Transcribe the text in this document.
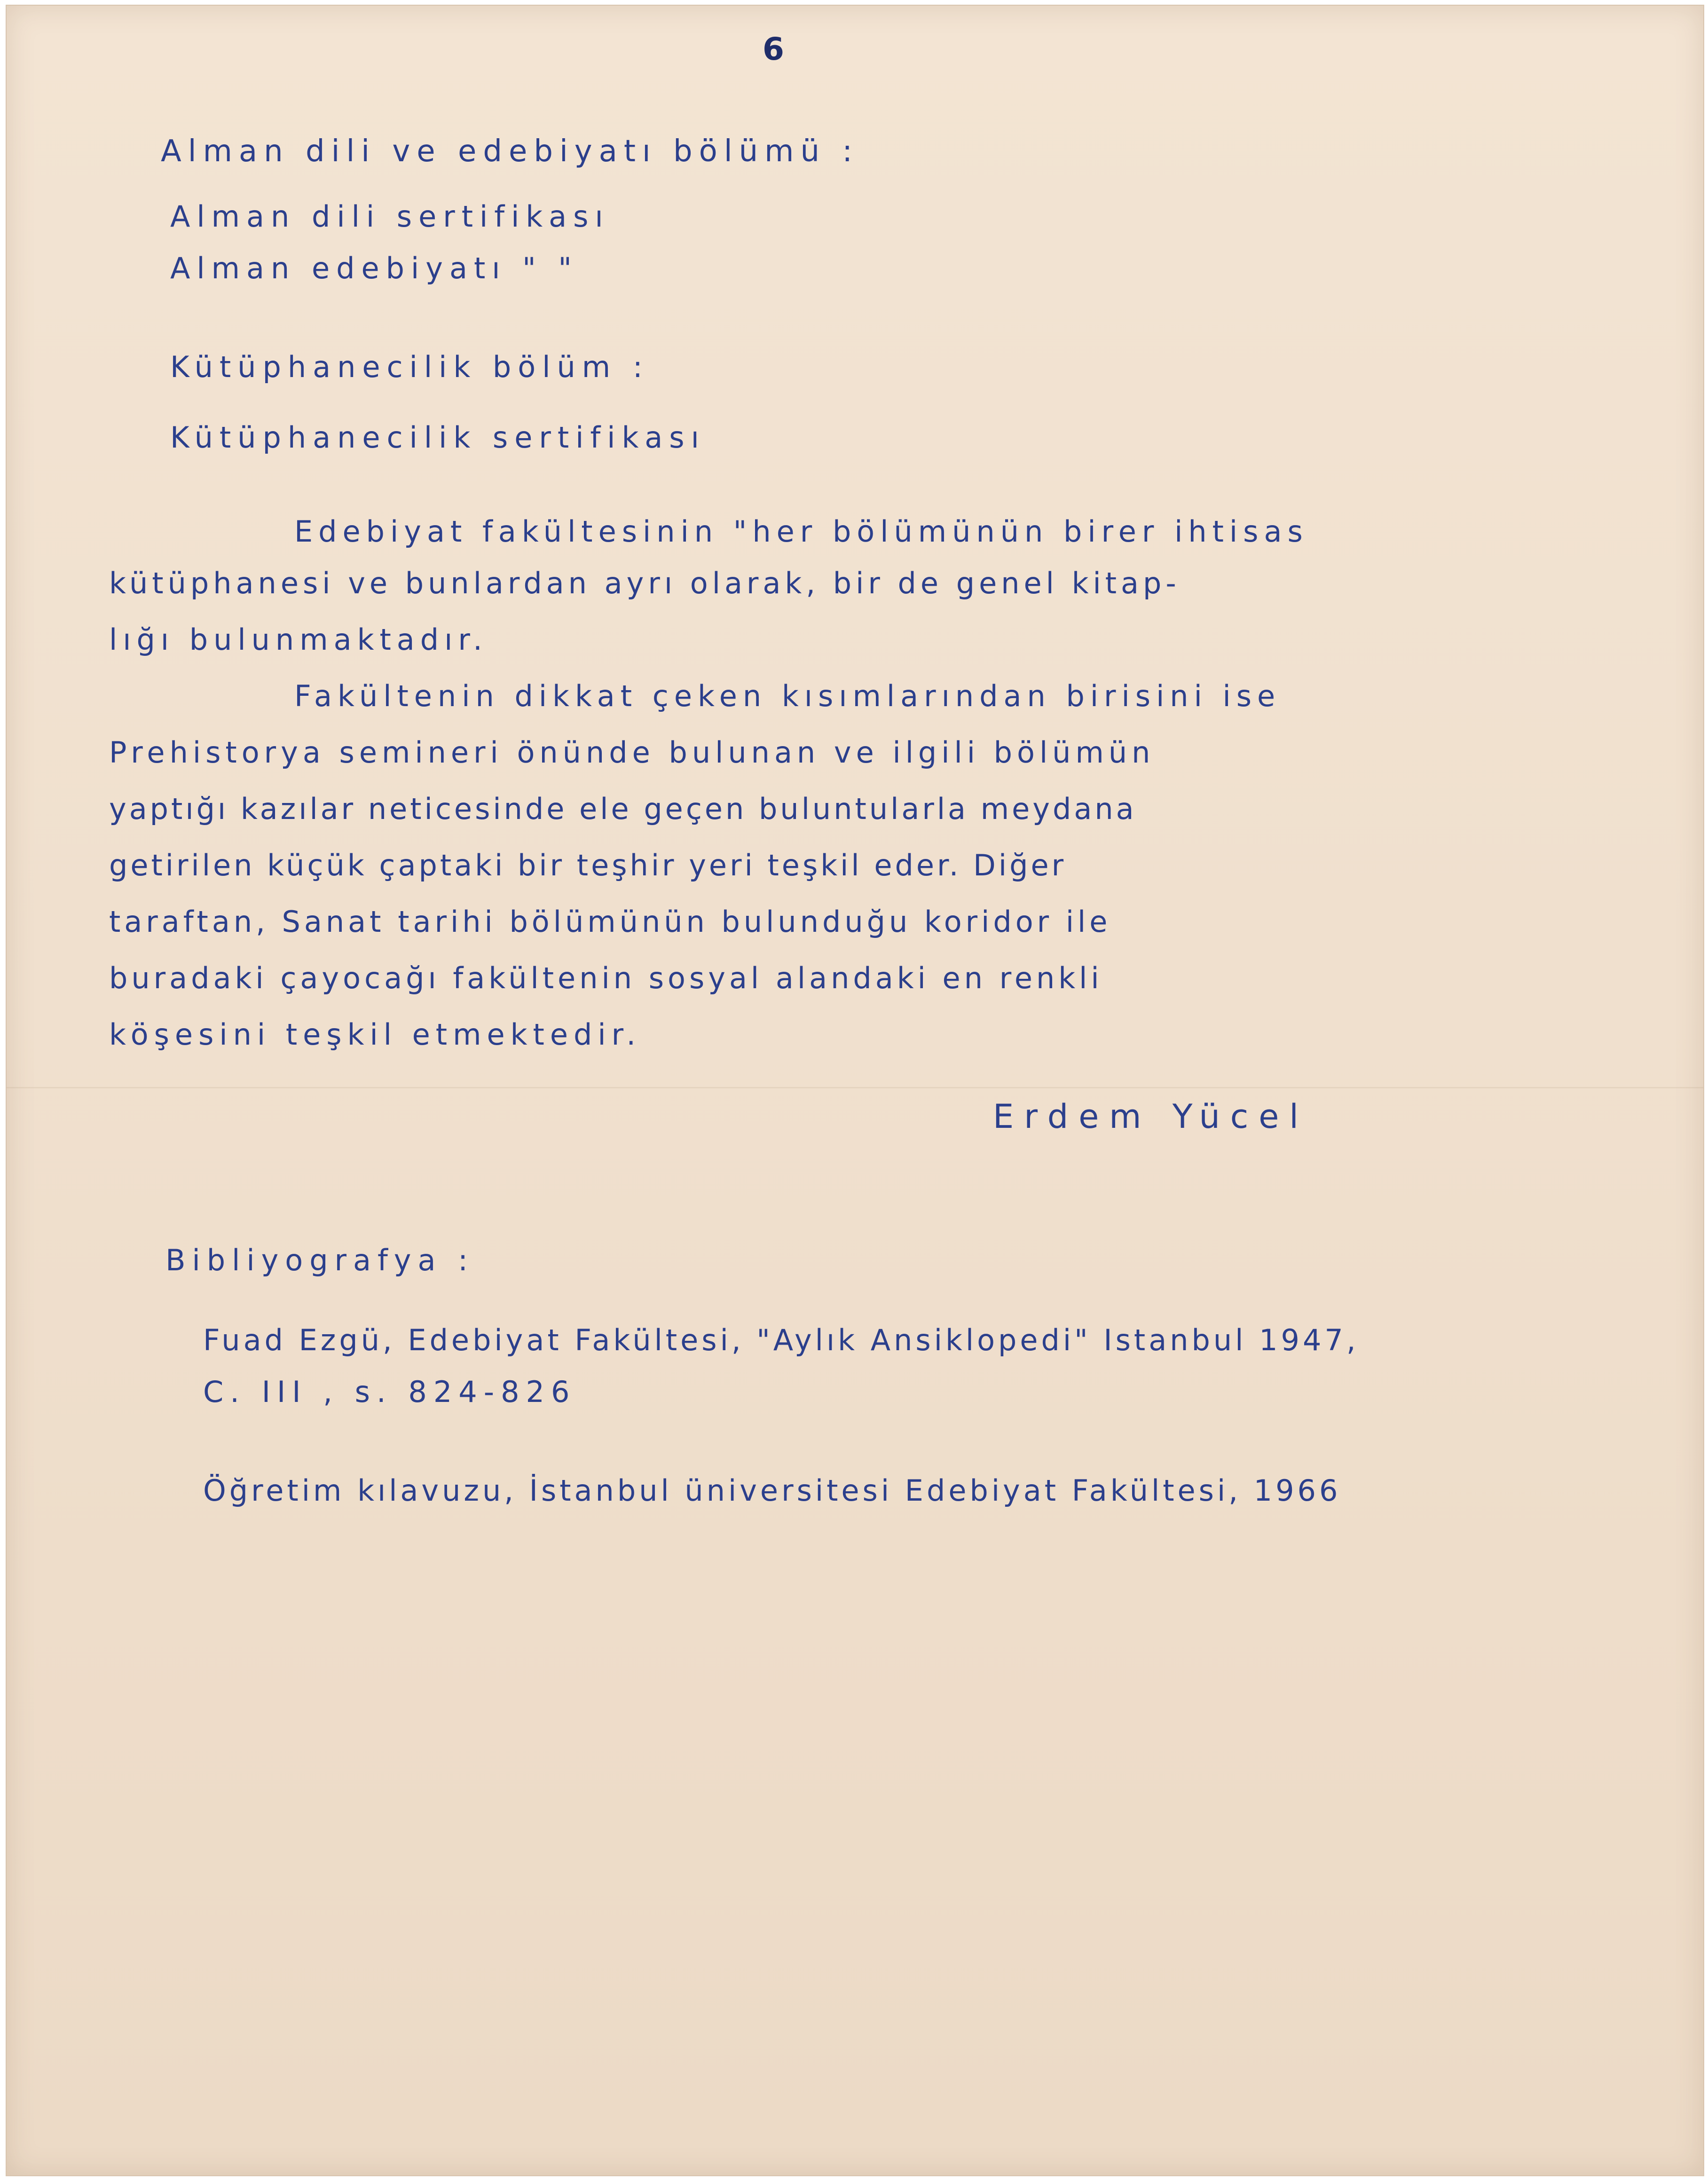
6
Alman dili ve edebiyatı bölümü :
Alman dili sertifikası
Alman edebiyatı " "
Kütüphanecilik bölüm :
Kütüphanecilik sertifikası
Edebiyat fakültesinin "her bölümünün birer ihtisas
kütüphanesi ve bunlardan ayrı olarak, bir de genel kitap-
lığı bulunmaktadır.
Fakültenin dikkat çeken kısımlarından birisini ise
Prehistorya semineri önünde bulunan ve ilgili bölümün
yaptığı kazılar neticesinde ele geçen buluntularla meydana
getirilen küçük çaptaki bir teşhir yeri teşkil eder. Diğer
taraftan, Sanat tarihi bölümünün bulunduğu koridor ile
buradaki çayocağı fakültenin sosyal alandaki en renkli
köşesini teşkil etmektedir.
Erdem Yücel
Bibliyografya :
Fuad Ezgü, Edebiyat Fakültesi, "Aylık Ansiklopedi" Istanbul 1947,
C. III , s. 824-826
Öğretim kılavuzu, İstanbul üniversitesi Edebiyat Fakültesi, 1966
